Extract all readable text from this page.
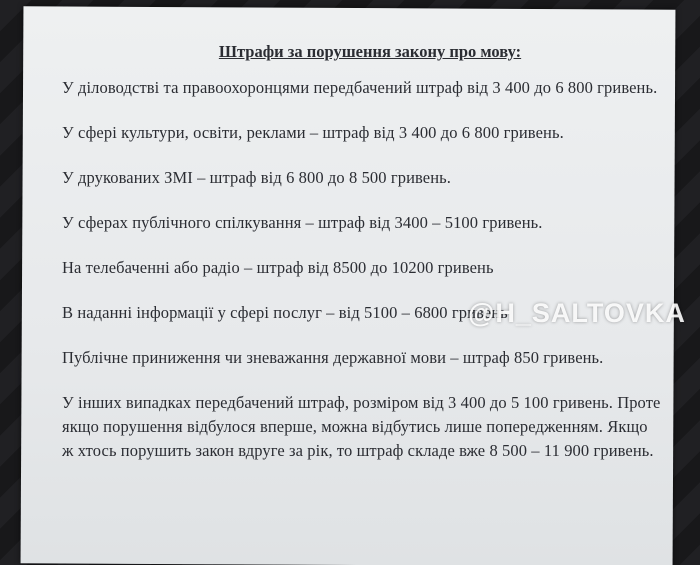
Штрафи за порушення закону про мову:
У діловодстві та правоохоронцями передбачений штраф від 3 400 до 6 800 гривень.
У сфері культури, освіти, реклами – штраф від 3 400 до 6 800 гривень.
У друкованих ЗМІ – штраф від 6 800 до 8 500 гривень.
У сферах публічного спілкування – штраф від 3400 – 5100 гривень.
На телебаченні або радіо – штраф від 8500 до 10200 гривень
В наданні інформації у сфері послуг – від 5100 – 6800 гривень
Публічне приниження чи зневажання державної мови – штраф 850 гривень.
У інших випадках передбачений штраф, розміром від 3 400 до 5 100 гривень. Проте якщо порушення відбулося вперше, можна відбутись лише попередженням. Якщо ж хтось порушить закон вдруге за рік, то штраф складе вже 8 500 – 11 900 гривень.
@H_SALTOVKA
